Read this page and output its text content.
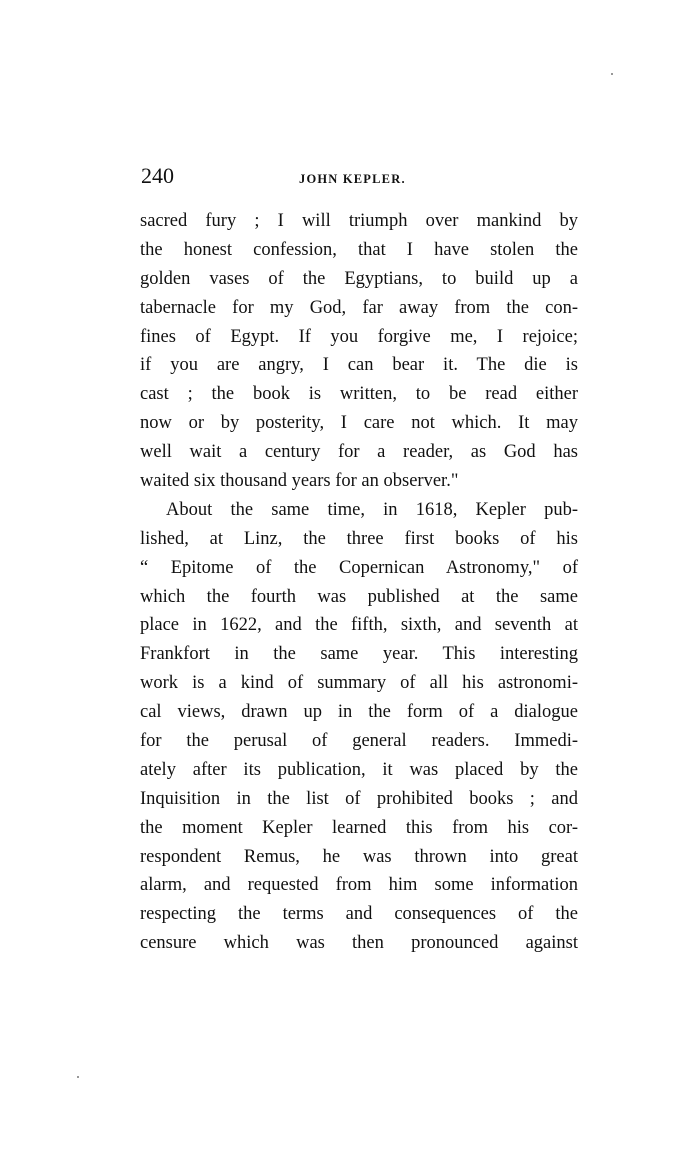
240	JOHN KEPLER.
sacred fury ; I will triumph over mankind by
the honest confession, that I have stolen the
golden vases of the Egyptians, to build up a
tabernacle for my God, far away from the con-
fines of Egypt. If you forgive me, I rejoice;
if you are angry, I can bear it. The die is
cast ; the book is written, to be read either
now or by posterity, I care not which. It may
well wait a century for a reader, as God has
waited six thousand years for an observer."
About the same time, in 1618, Kepler pub-
lished, at Linz, the three first books of his
“ Epitome of the Copernican Astronomy," of
which the fourth was published at the same
place in 1622, and the fifth, sixth, and seventh at
Frankfort in the same year. This interesting
work is a kind of summary of all his astronomi-
cal views, drawn up in the form of a dialogue
for the perusal of general readers. Immedi-
ately after its publication, it was placed by the
Inquisition in the list of prohibited books ; and
the moment Kepler learned this from his cor-
respondent Remus, he was thrown into great
alarm, and requested from him some information
respecting the terms and consequences of the
censure which was then pronounced against
